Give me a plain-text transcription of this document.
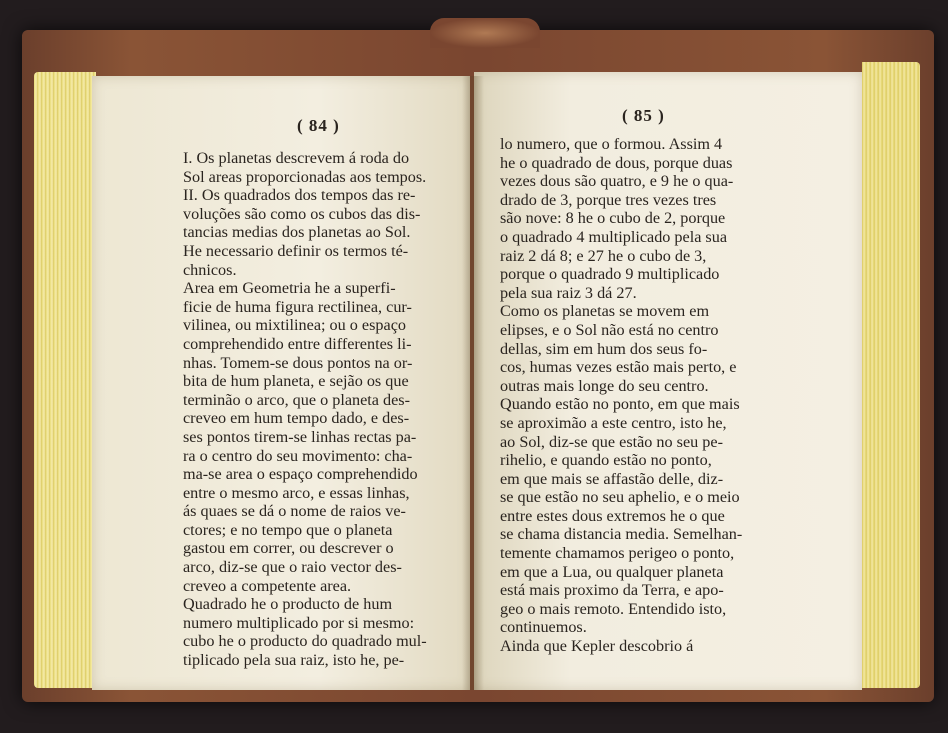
( 84 )
I. Os planetas descrevem á roda do
Sol areas proporcionadas aos tempos.
II. Os quadrados dos tempos das re-
voluções são como os cubos das dis-
tancias medias dos planetas ao Sol.
He necessario definir os termos té-
chnicos.
Area em Geometria he a superfi-
ficie de huma figura rectilinea, cur-
vilinea, ou mixtilinea; ou o espaço
comprehendido entre differentes li-
nhas. Tomem-se dous pontos na or-
bita de hum planeta, e sejão os que
terminão o arco, que o planeta des-
creveo em hum tempo dado, e des-
ses pontos tirem-se linhas rectas pa-
ra o centro do seu movimento: cha-
ma-se area o espaço comprehendido
entre o mesmo arco, e essas linhas,
ás quaes se dá o nome de raios ve-
ctores; e no tempo que o planeta
gastou em correr, ou descrever o
arco, diz-se que o raio vector des-
creveo a competente area.
Quadrado he o producto de hum
numero multiplicado por si mesmo:
cubo he o producto do quadrado mul-
tiplicado pela sua raiz, isto he, pe-
( 85 )
lo numero, que o formou. Assim 4
he o quadrado de dous, porque duas
vezes dous são quatro, e 9 he o qua-
drado de 3, porque tres vezes tres
são nove: 8 he o cubo de 2, porque
o quadrado 4 multiplicado pela sua
raiz 2 dá 8; e 27 he o cubo de 3,
porque o quadrado 9 multiplicado
pela sua raiz 3 dá 27.
Como os planetas se movem em
elipses, e o Sol não está no centro
dellas, sim em hum dos seus fo-
cos, humas vezes estão mais perto, e
outras mais longe do seu centro.
Quando estão no ponto, em que mais
se aproximão a este centro, isto he,
ao Sol, diz-se que estão no seu pe-
rihelio, e quando estão no ponto,
em que mais se affastão delle, diz-
se que estão no seu aphelio, e o meio
entre estes dous extremos he o que
se chama distancia media. Semelhan-
temente chamamos perigeo o ponto,
em que a Lua, ou qualquer planeta
está mais proximo da Terra, e apo-
geo o mais remoto. Entendido isto,
continuemos.
Ainda que Kepler descobrio á
